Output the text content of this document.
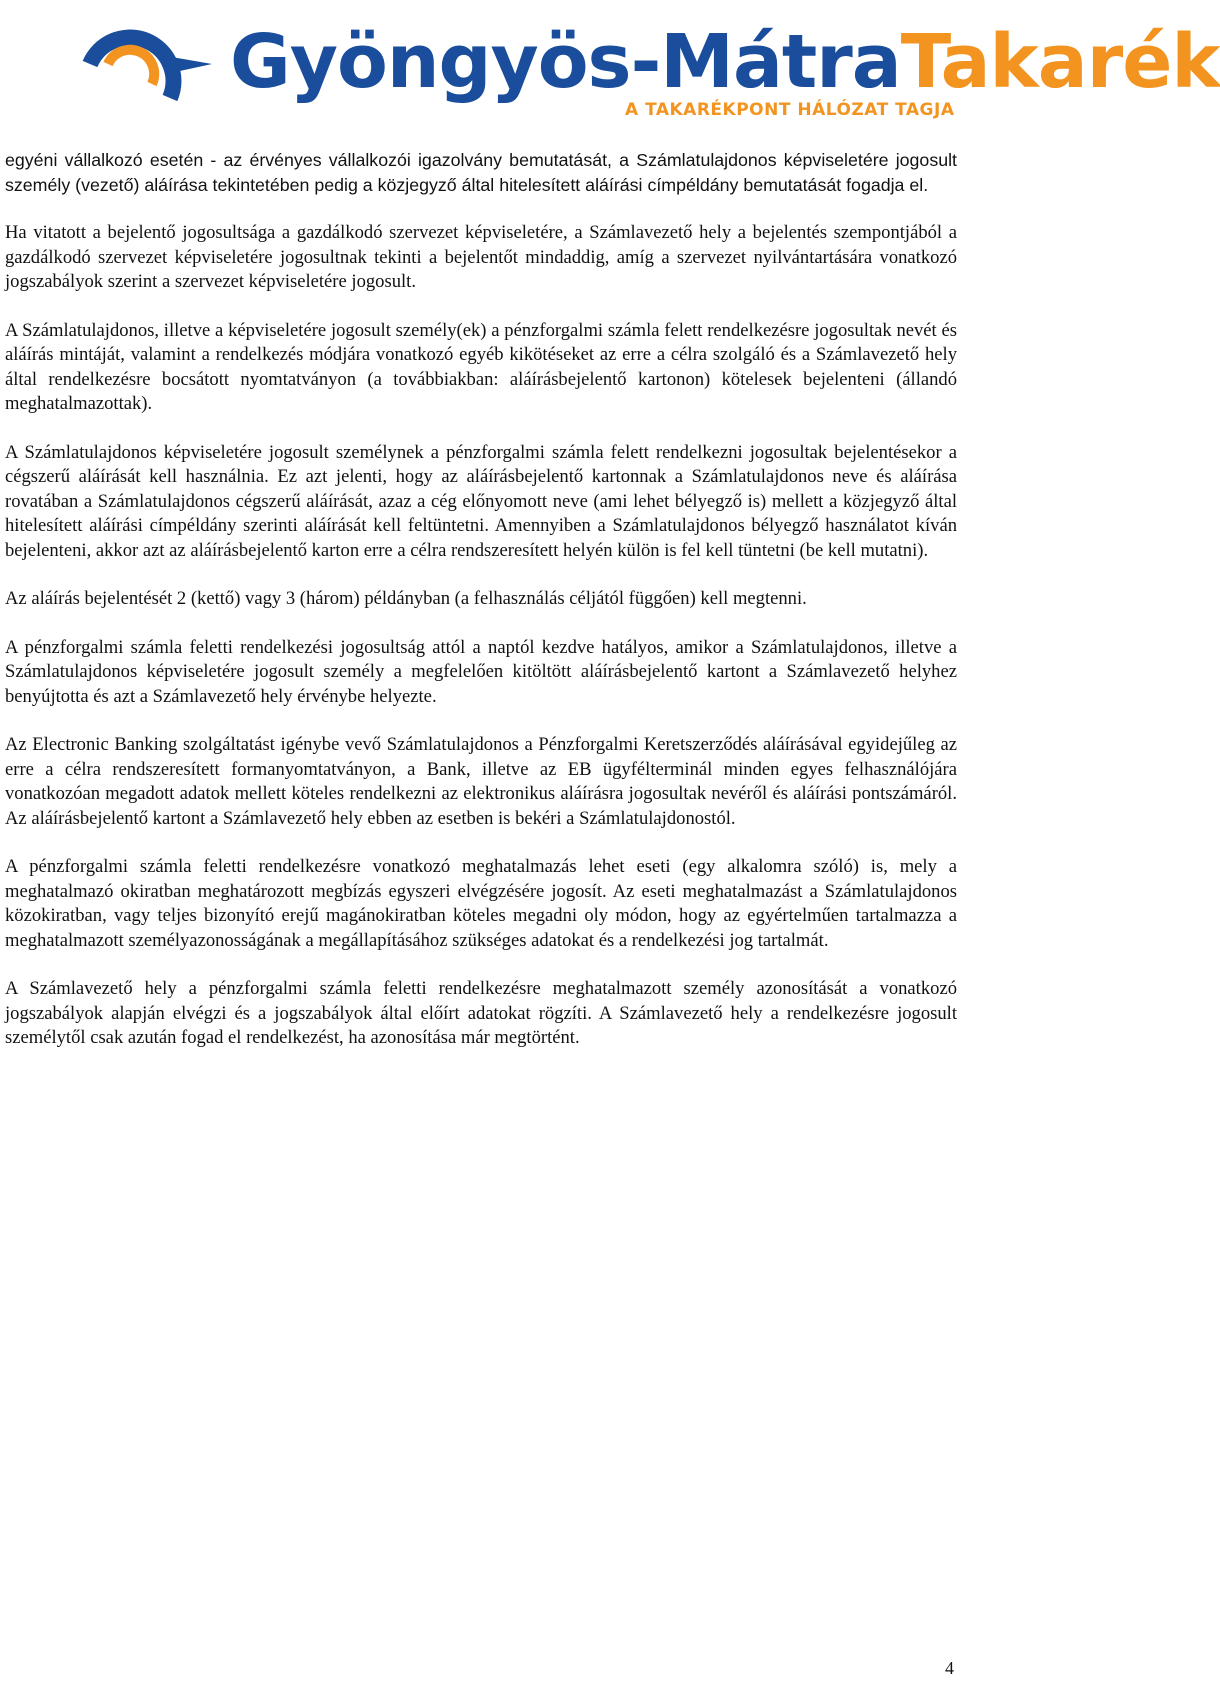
Gyöngyös-MátraTakarék
A TAKARÉKPONT HÁLÓZAT TAGJA

egyéni vállalkozó esetén - az érvényes vállalkozói igazolvány bemutatását, a Számlatulajdonos képviseletére jogosult személy (vezető) aláírása tekintetében pedig a közjegyző által hitelesített aláírási címpéldány bemutatását fogadja el.

Ha vitatott a bejelentő jogosultsága a gazdálkodó szervezet képviseletére, a Számlavezető hely a bejelentés szempontjából a gazdálkodó szervezet képviseletére jogosultnak tekinti a bejelentőt mindaddig, amíg a szervezet nyilvántartására vonatkozó jogszabályok szerint a szervezet képviseletére jogosult.

A Számlatulajdonos, illetve a képviseletére jogosult személy(ek) a pénzforgalmi számla felett rendelkezésre jogosultak nevét és aláírás mintáját, valamint a rendelkezés módjára vonatkozó egyéb kikötéseket az erre a célra szolgáló és a Számlavezető hely által rendelkezésre bocsátott nyomtatványon (a továbbiakban: aláírásbejelentő kartonon) kötelesek bejelenteni (állandó meghatalmazottak).

A Számlatulajdonos képviseletére jogosult személynek a pénzforgalmi számla felett rendelkezni jogosultak bejelentésekor a cégszerű aláírását kell használnia. Ez azt jelenti, hogy az aláírásbejelentő kartonnak a Számlatulajdonos neve és aláírása rovatában a Számlatulajdonos cégszerű aláírását, azaz a cég előnyomott neve (ami lehet bélyegző is) mellett a közjegyző által hitelesített aláírási címpéldány szerinti aláírását kell feltüntetni. Amennyiben a Számlatulajdonos bélyegző használatot kíván bejelenteni, akkor azt az aláírásbejelentő karton erre a célra rendszeresített helyén külön is fel kell tüntetni (be kell mutatni).

Az aláírás bejelentését 2 (kettő) vagy 3 (három) példányban (a felhasználás céljától függően) kell megtenni.

A pénzforgalmi számla feletti rendelkezési jogosultság attól a naptól kezdve hatályos, amikor a Számlatulajdonos, illetve a Számlatulajdonos képviseletére jogosult személy a megfelelően kitöltött aláírásbejelentő kartont a Számlavezető helyhez benyújtotta és azt a Számlavezető hely érvénybe helyezte.

Az Electronic Banking szolgáltatást igénybe vevő Számlatulajdonos a Pénzforgalmi Keretszerződés aláírásával egyidejűleg az erre a célra rendszeresített formanyomtatványon, a Bank, illetve az EB ügyfélterminál minden egyes felhasználójára vonatkozóan megadott adatok mellett köteles rendelkezni az elektronikus aláírásra jogosultak nevéről és aláírási pontszámáról. Az aláírásbejelentő kartont a Számlavezető hely ebben az esetben is bekéri a Számlatulajdonostól.

A pénzforgalmi számla feletti rendelkezésre vonatkozó meghatalmazás lehet eseti (egy alkalomra szóló) is, mely a meghatalmazó okiratban meghatározott megbízás egyszeri elvégzésére jogosít. Az eseti meghatalmazást a Számlatulajdonos közokiratban, vagy teljes bizonyító erejű magánokiratban köteles megadni oly módon, hogy az egyértelműen tartalmazza a meghatalmazott személyazonosságának a megállapításához szükséges adatokat és a rendelkezési jog tartalmát.

A Számlavezető hely a pénzforgalmi számla feletti rendelkezésre meghatalmazott személy azonosítását a vonatkozó jogszabályok alapján elvégzi és a jogszabályok által előírt adatokat rögzíti. A Számlavezető hely a rendelkezésre jogosult személytől csak azután fogad el rendelkezést, ha azonosítása már megtörtént.

4
